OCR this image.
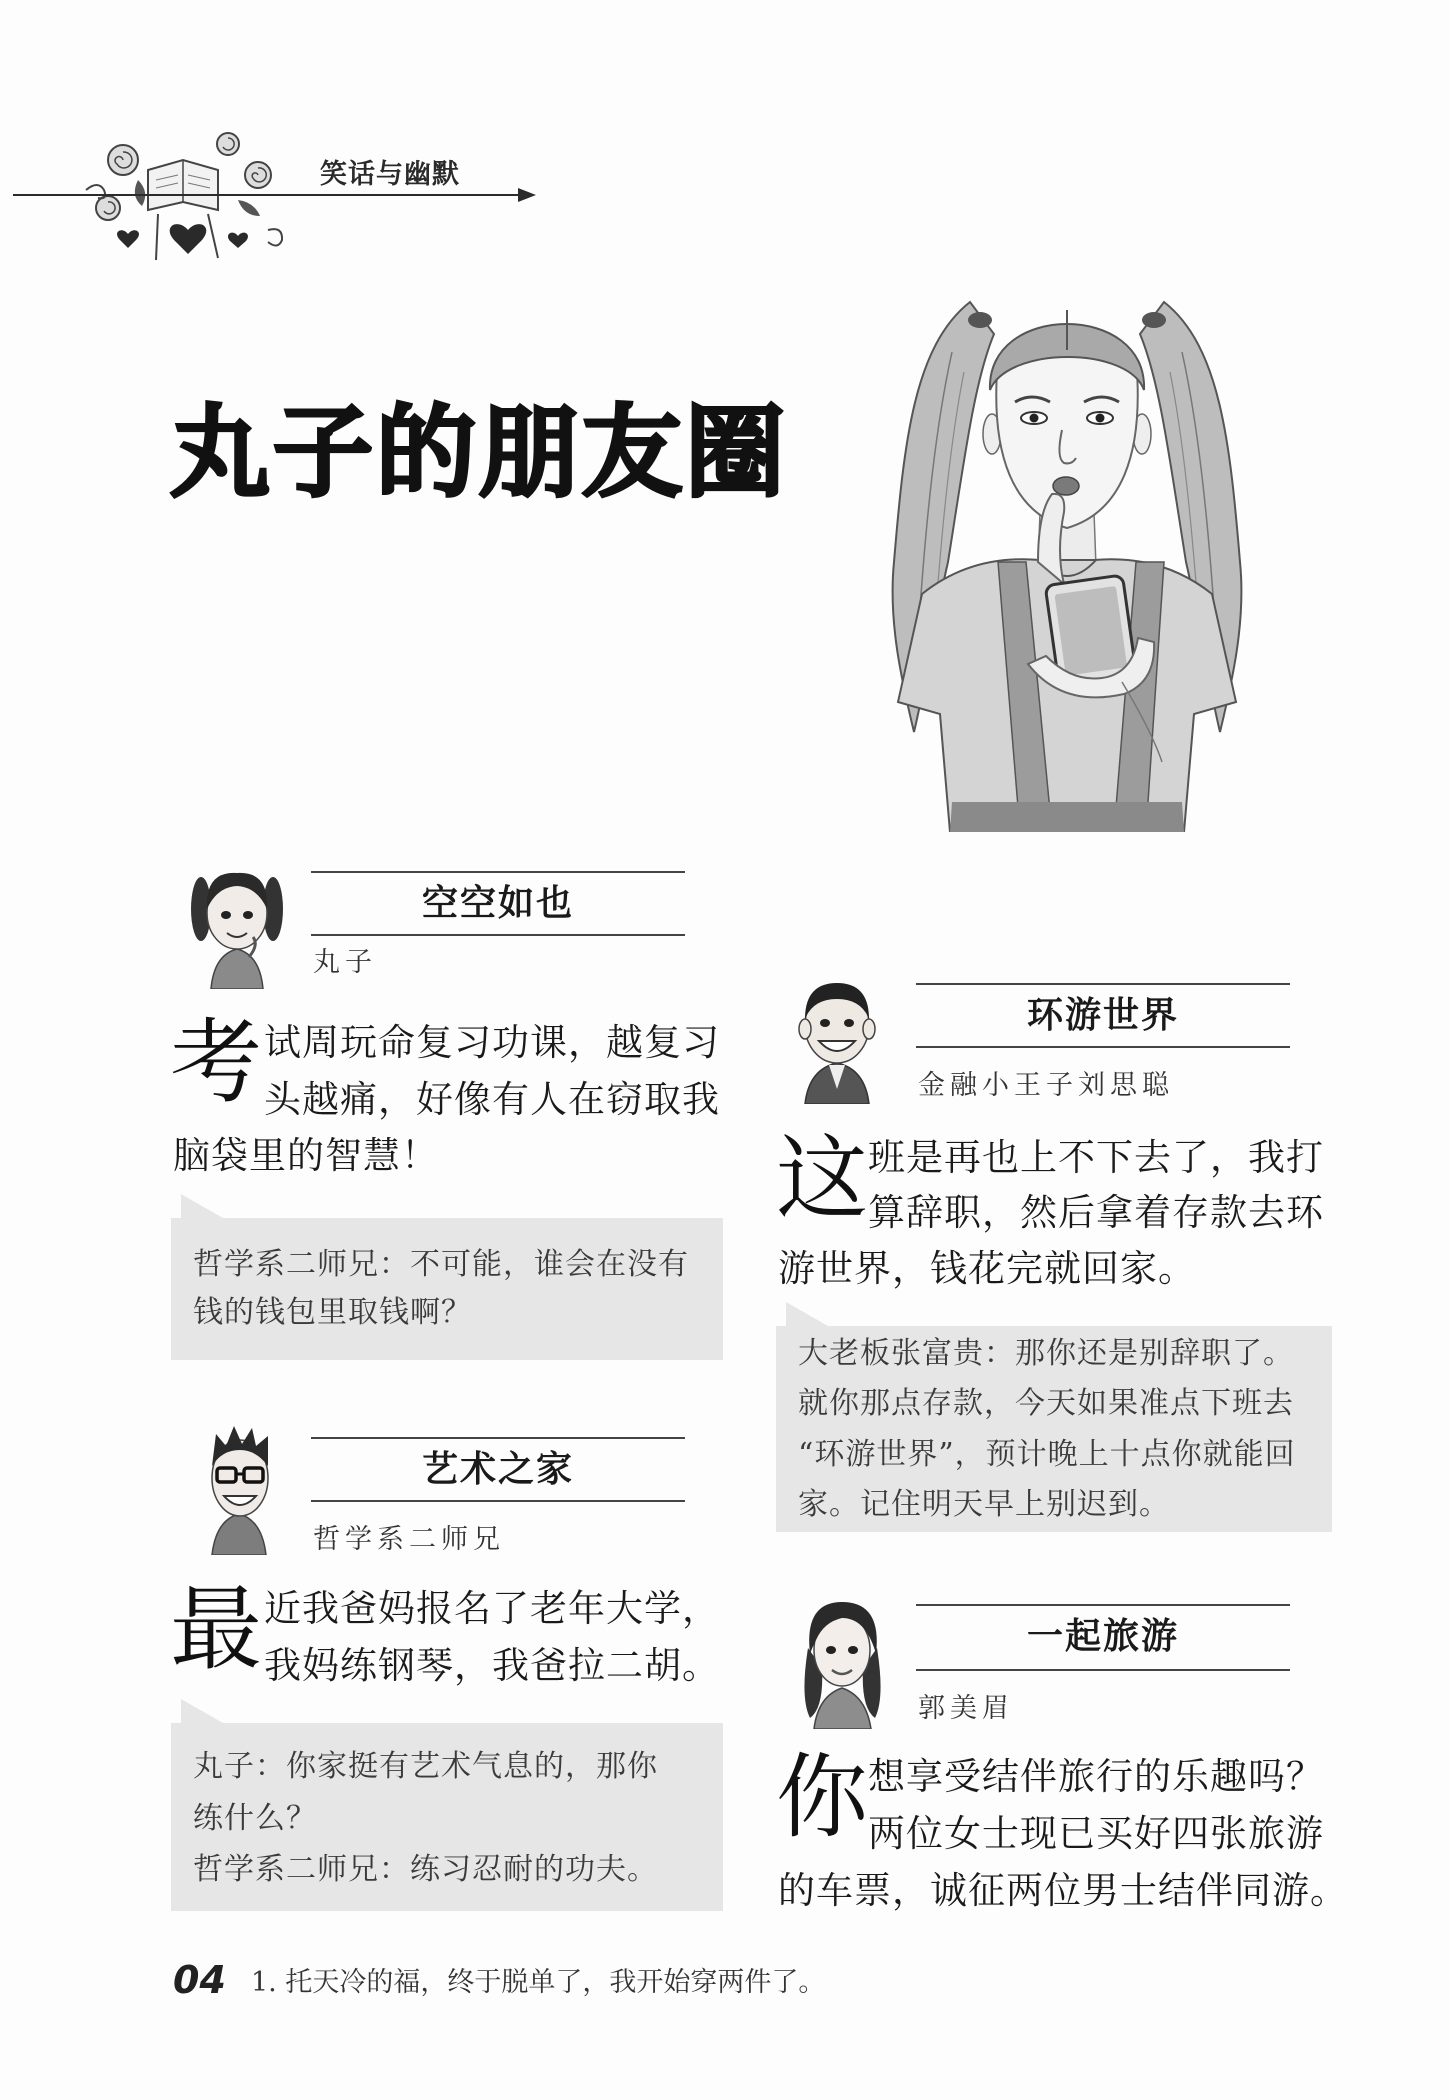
笑话与幽默
丸子的朋友圈
空空如也
丸子
考 试周玩命复习功课，越复习
头越痛，好像有人在窃取我
脑袋里的智慧！
哲学系二师兄：不可能，谁会在没有
钱的钱包里取钱啊？
艺术之家
哲学系二师兄
最 近我爸妈报名了老年大学，
我妈练钢琴，我爸拉二胡。
丸子：你家挺有艺术气息的，那你
练什么？
哲学系二师兄：练习忍耐的功夫。
环游世界
金融小王子刘思聪
这 班是再也上不下去了，我打
算辞职，然后拿着存款去环
游世界，钱花完就回家。
大老板张富贵：那你还是别辞职了。
就你那点存款，今天如果准点下班去
“环游世界”，预计晚上十点你就能回
家。记住明天早上别迟到。
一起旅游
郭美眉
你 想享受结伴旅行的乐趣吗？
两位女士现已买好四张旅游
的车票，诚征两位男士结伴同游。
04 1. 托天冷的福，终于脱单了，我开始穿两件了。
